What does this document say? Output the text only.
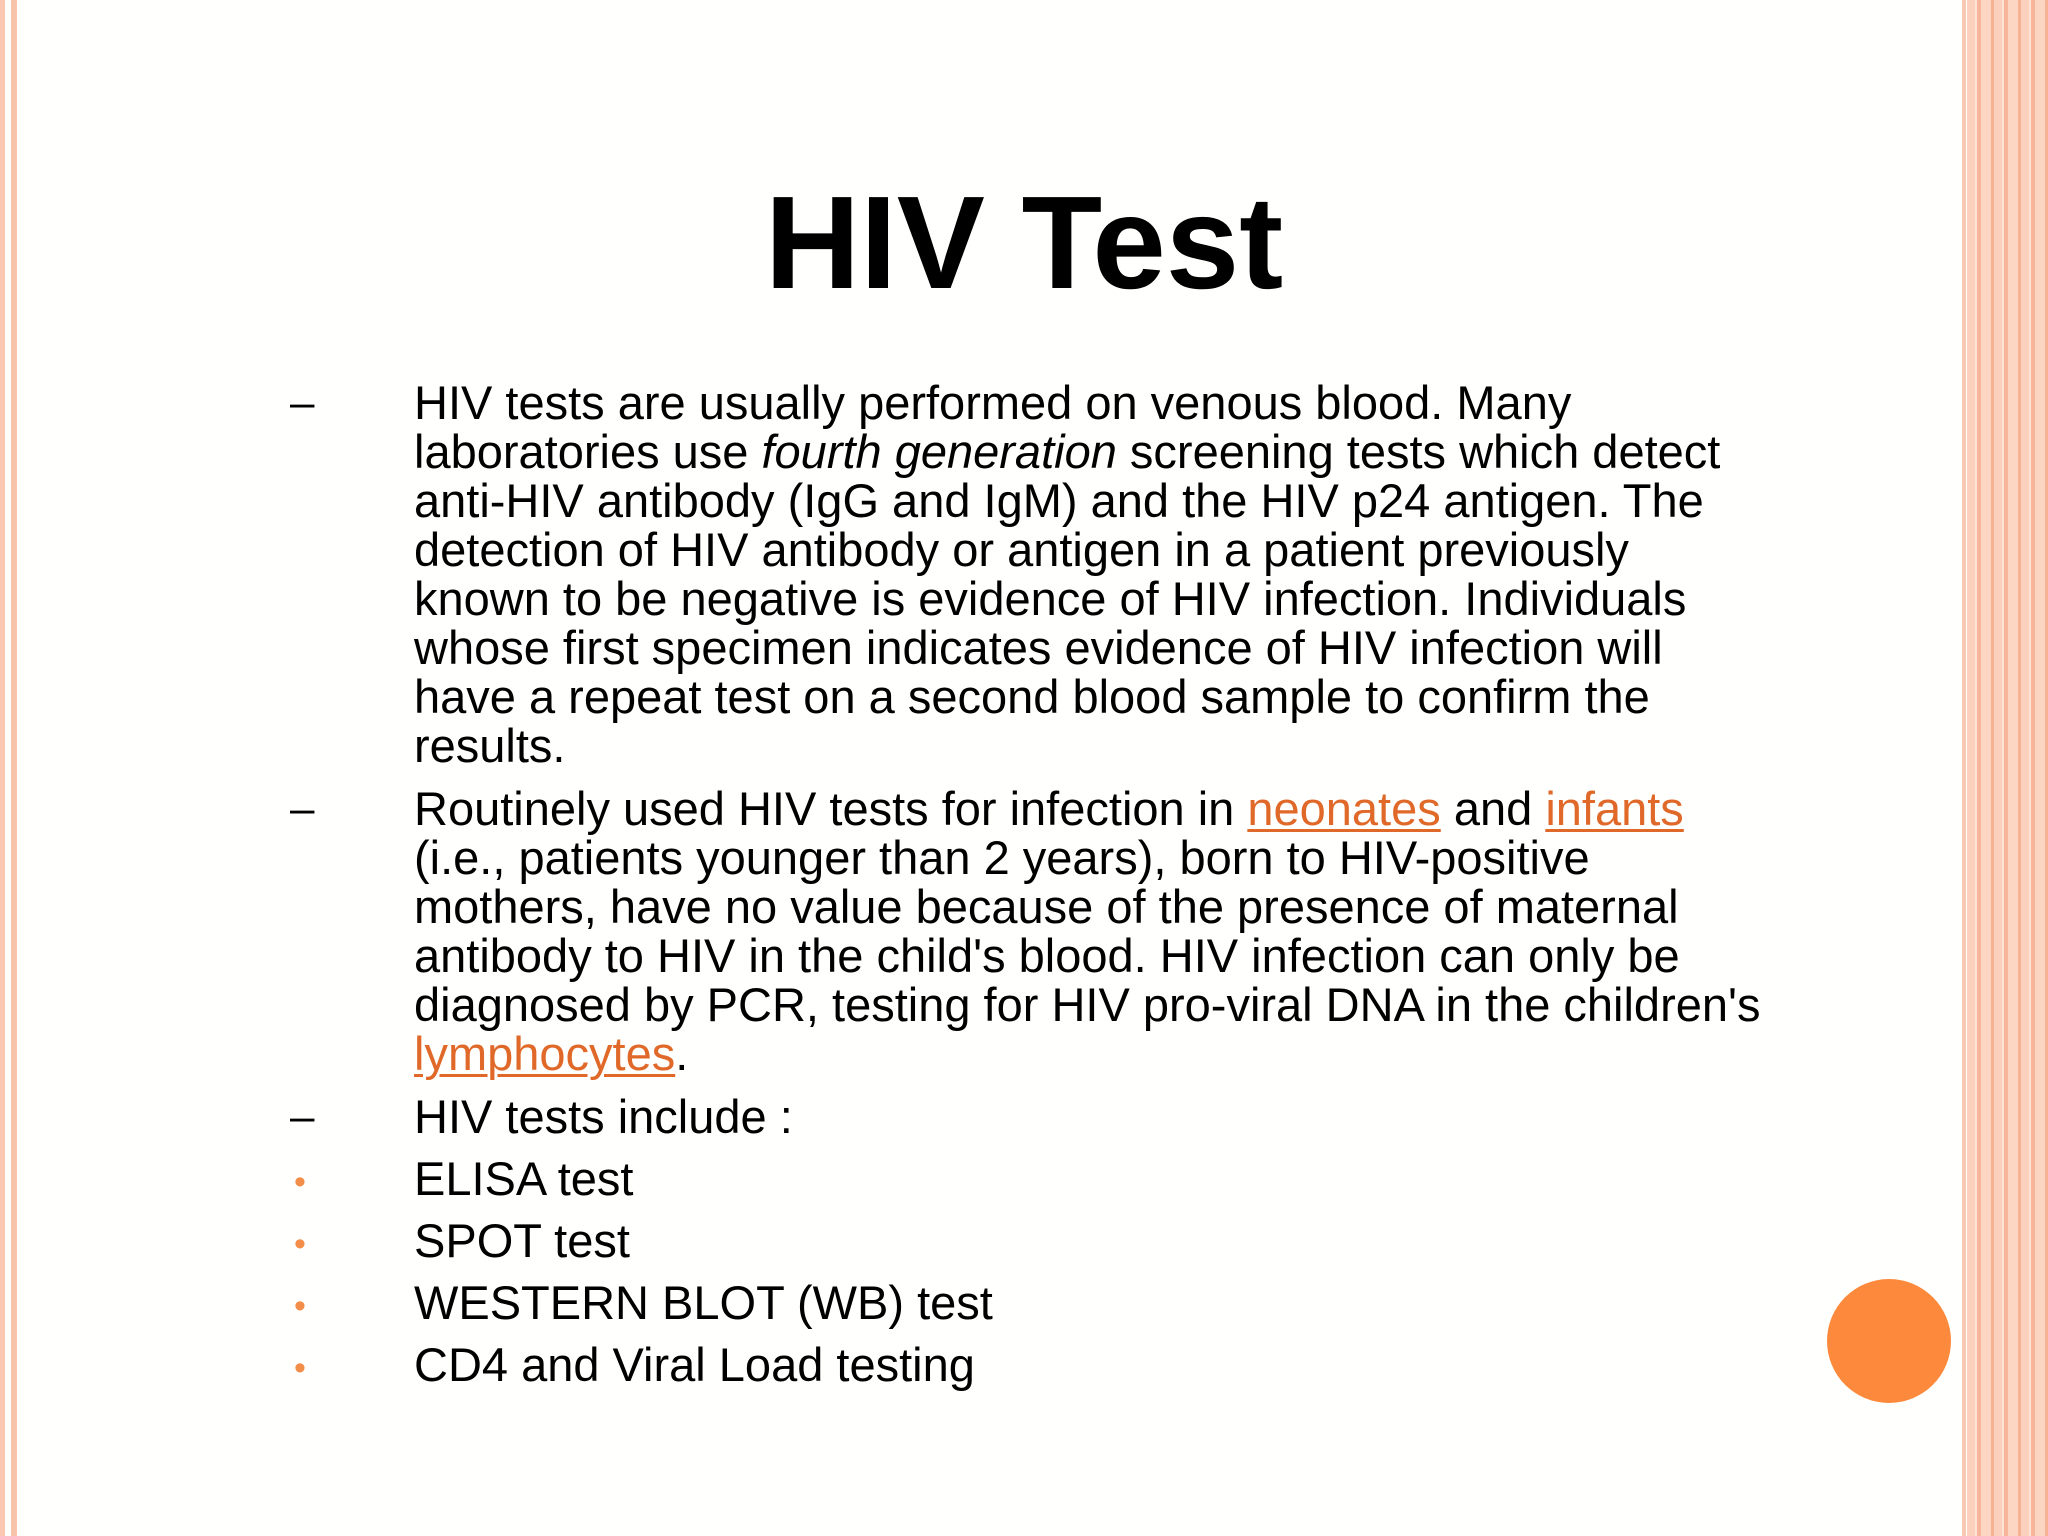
HIV Test
–	HIV tests are usually performed on venous blood. Many laboratories use fourth generation screening tests which detect anti-HIV antibody (IgG and IgM) and the HIV p24 antigen. The detection of HIV antibody or antigen in a patient previously known to be negative is evidence of HIV infection. Individuals whose first specimen indicates evidence of HIV infection will have a repeat test on a second blood sample to confirm the results.
–	Routinely used HIV tests for infection in neonates and infants (i.e., patients younger than 2 years), born to HIV-positive mothers, have no value because of the presence of maternal antibody to HIV in the child's blood. HIV infection can only be diagnosed by PCR, testing for HIV pro-viral DNA in the children's lymphocytes.
–	HIV tests include :
•	ELISA test
•	SPOT test
•	WESTERN BLOT (WB) test
•	CD4 and Viral Load testing
